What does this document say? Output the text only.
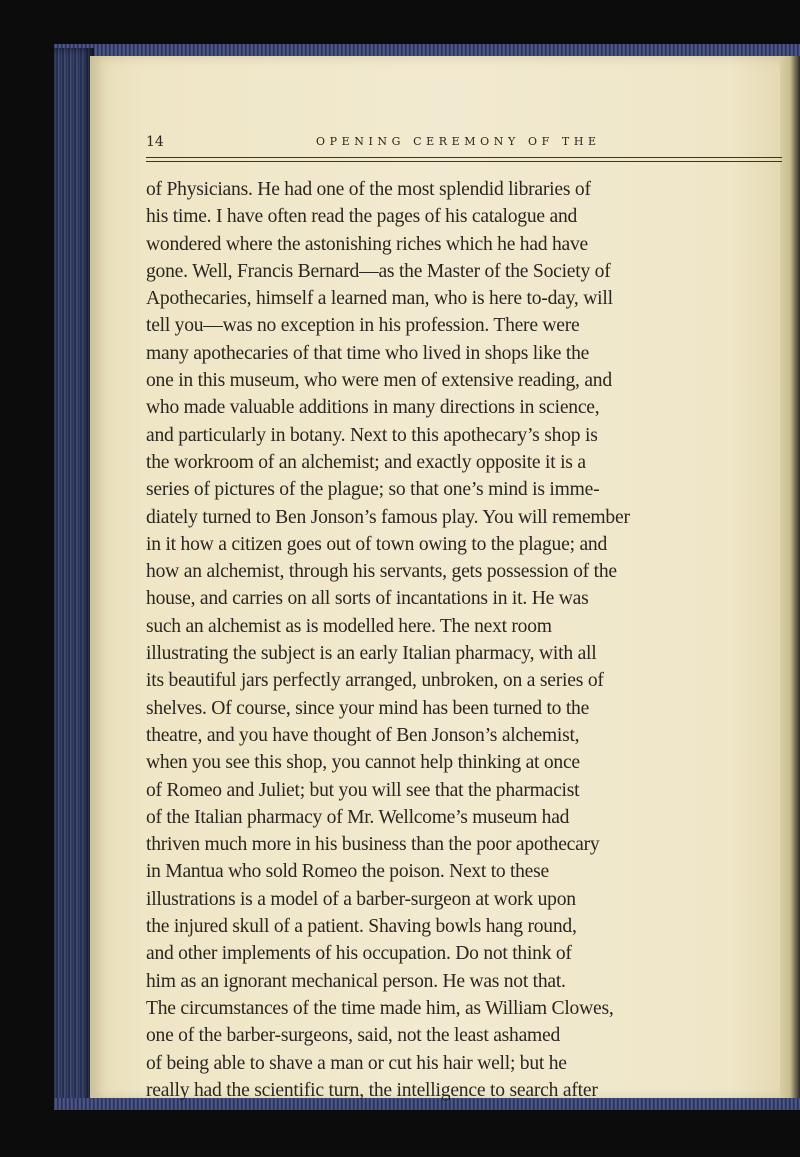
14	OPENING CEREMONY OF THE
of Physicians. He had one of the most splendid libraries of
his time. I have often read the pages of his catalogue and
wondered where the astonishing riches which he had have
gone. Well, Francis Bernard—as the Master of the Society of
Apothecaries, himself a learned man, who is here to-day, will
tell you—was no exception in his profession. There were
many apothecaries of that time who lived in shops like the
one in this museum, who were men of extensive reading, and
who made valuable additions in many directions in science,
and particularly in botany. Next to this apothecary’s shop is
the workroom of an alchemist; and exactly opposite it is a
series of pictures of the plague; so that one’s mind is imme-
diately turned to Ben Jonson’s famous play. You will remember
in it how a citizen goes out of town owing to the plague; and
how an alchemist, through his servants, gets possession of the
house, and carries on all sorts of incantations in it. He was
such an alchemist as is modelled here. The next room
illustrating the subject is an early Italian pharmacy, with all
its beautiful jars perfectly arranged, unbroken, on a series of
shelves. Of course, since your mind has been turned to the
theatre, and you have thought of Ben Jonson’s alchemist,
when you see this shop, you cannot help thinking at once
of Romeo and Juliet; but you will see that the pharmacist
of the Italian pharmacy of Mr. Wellcome’s museum had
thriven much more in his business than the poor apothecary
in Mantua who sold Romeo the poison. Next to these
illustrations is a model of a barber-surgeon at work upon
the injured skull of a patient. Shaving bowls hang round,
and other implements of his occupation. Do not think of
him as an ignorant mechanical person. He was not that.
The circumstances of the time made him, as William Clowes,
one of the barber-surgeons, said, not the least ashamed
of being able to shave a man or cut his hair well; but he
really had the scientific turn, the intelligence to search after
